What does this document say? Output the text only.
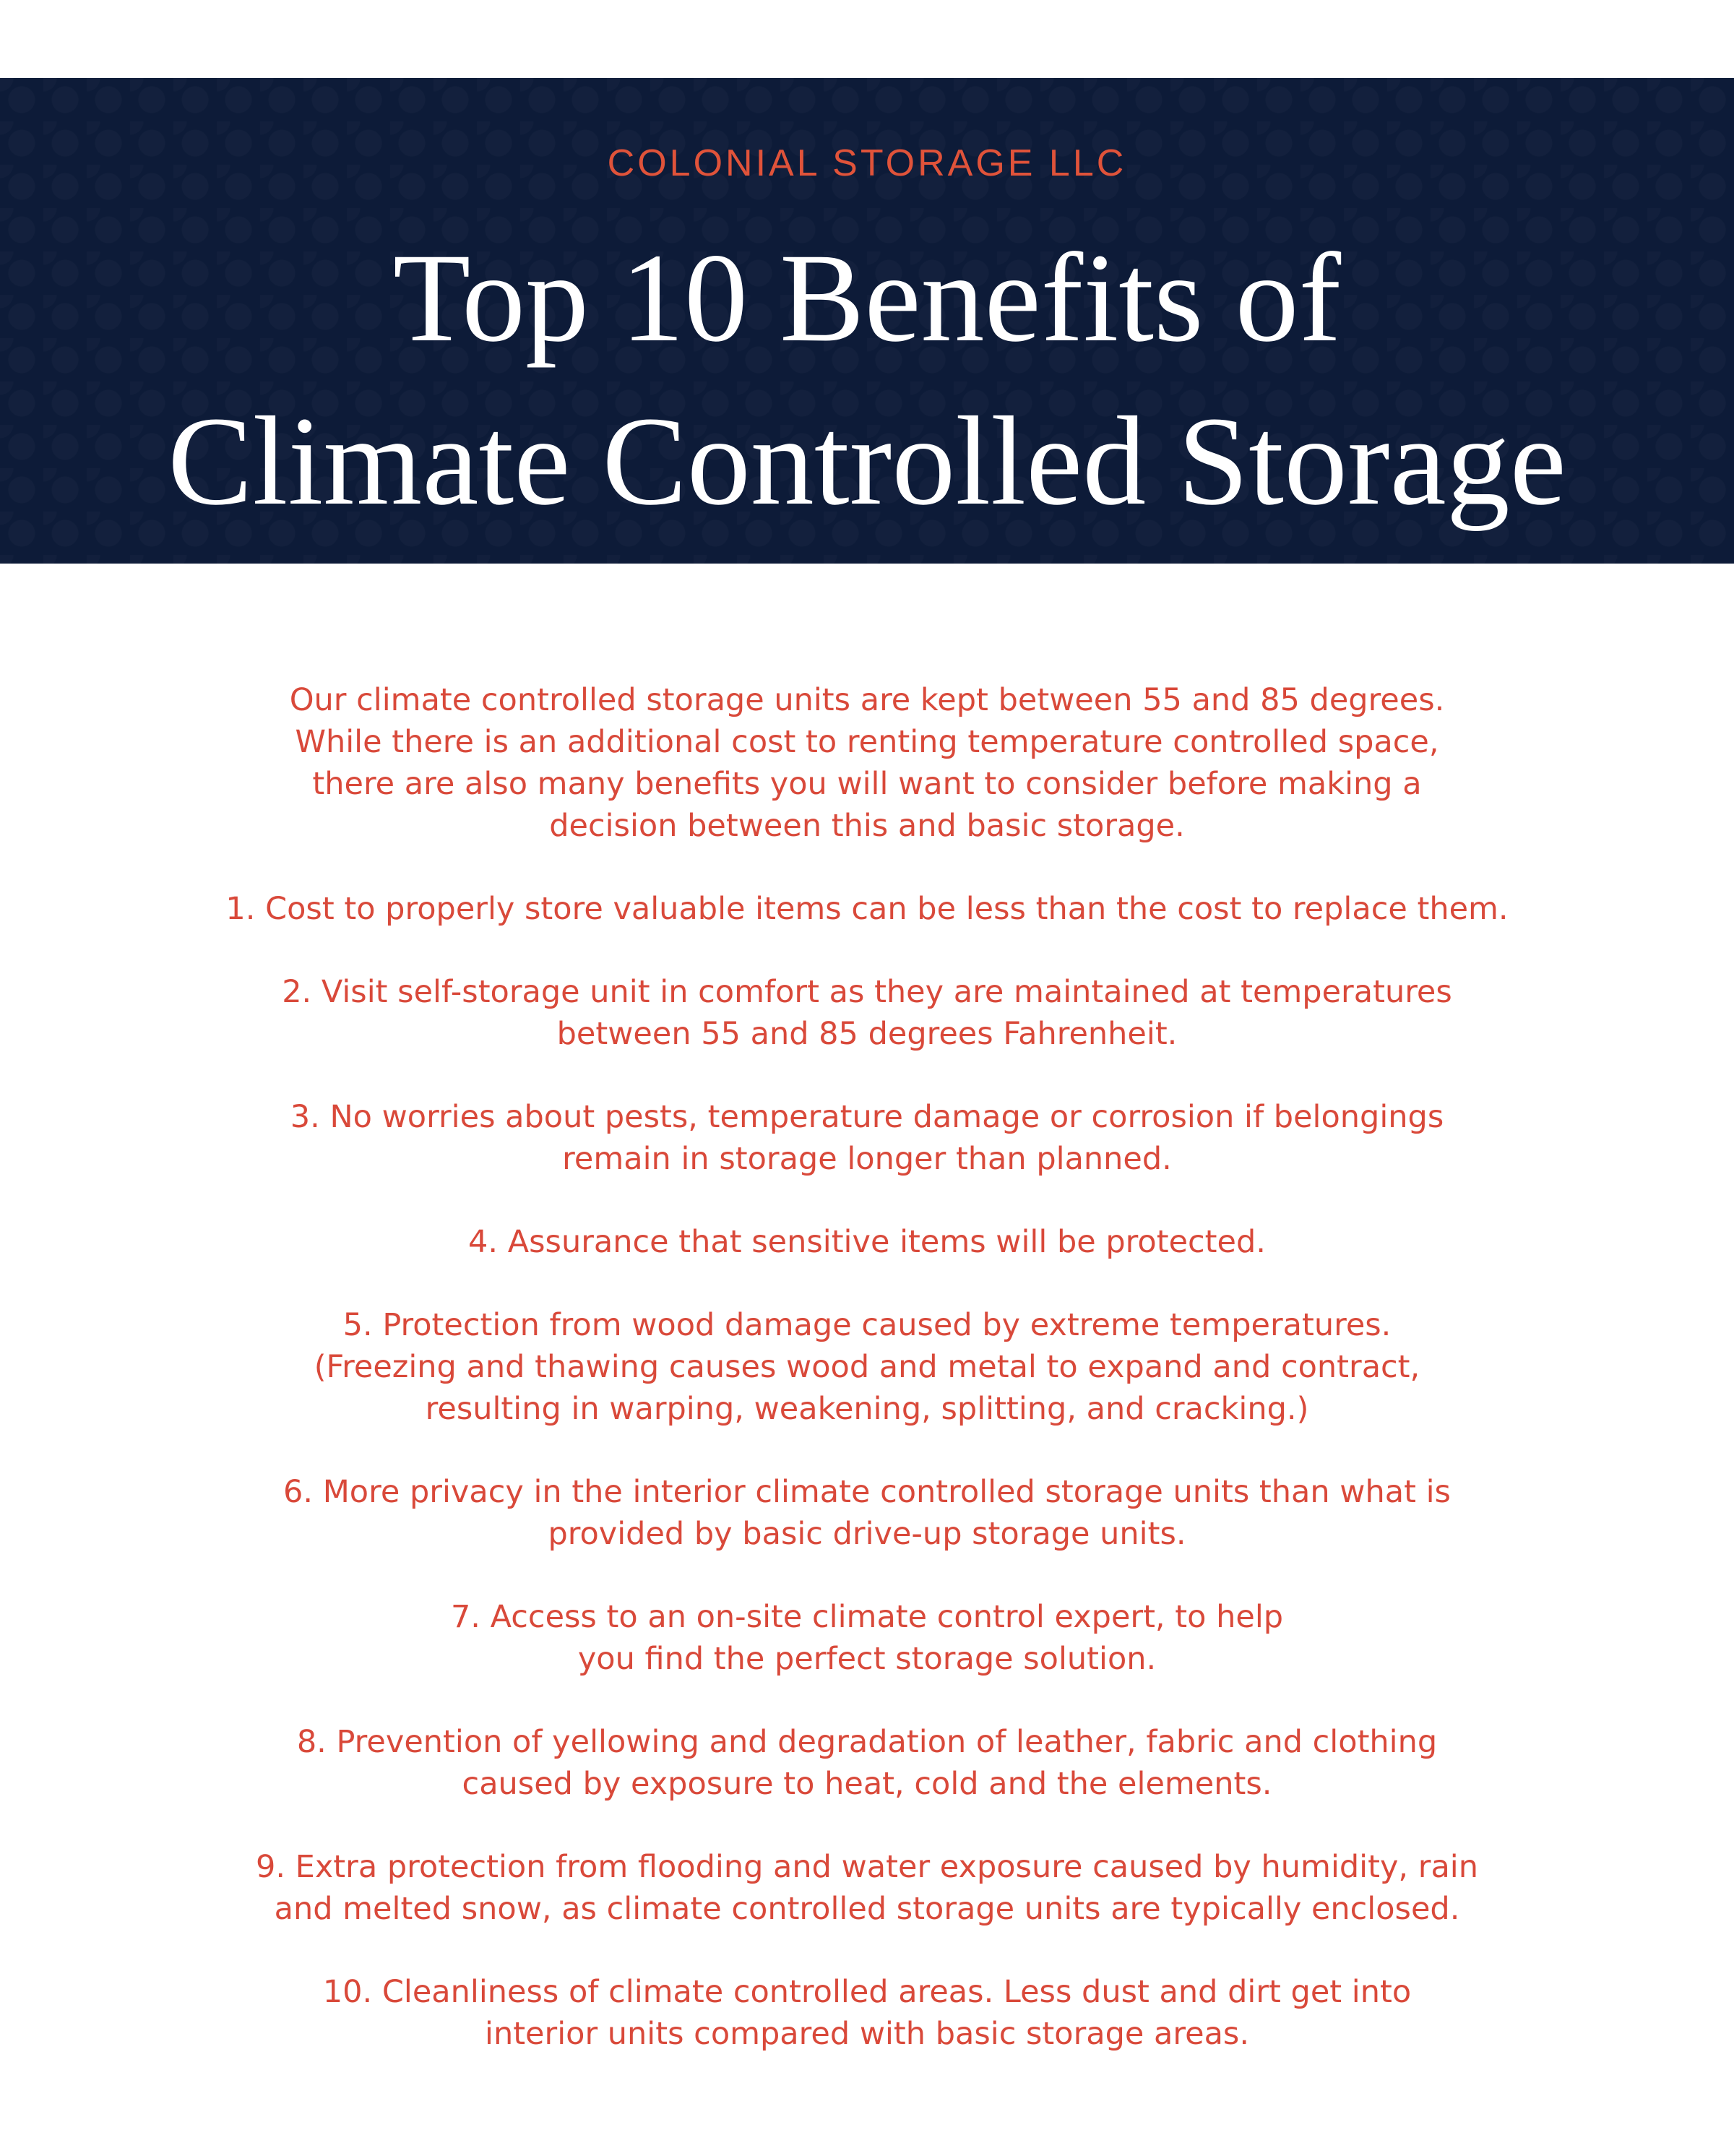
COLONIAL STORAGE LLC
Top 10 Benefits of
Climate Controlled Storage

Our climate controlled storage units are kept between 55 and 85 degrees.
While there is an additional cost to renting temperature controlled space,
there are also many benefits you will want to consider before making a
decision between this and basic storage.

1. Cost to properly store valuable items can be less than the cost to replace them.

2. Visit self-storage unit in comfort as they are maintained at temperatures
between 55 and 85 degrees Fahrenheit.

3. No worries about pests, temperature damage or corrosion if belongings
remain in storage longer than planned.

4. Assurance that sensitive items will be protected.

5. Protection from wood damage caused by extreme temperatures.
(Freezing and thawing causes wood and metal to expand and contract,
resulting in warping, weakening, splitting, and cracking.)

6. More privacy in the interior climate controlled storage units than what is
provided by basic drive-up storage units.

7. Access to an on-site climate control expert, to help
you find the perfect storage solution.

8. Prevention of yellowing and degradation of leather, fabric and clothing
caused by exposure to heat, cold and the elements.

9. Extra protection from flooding and water exposure caused by humidity, rain
and melted snow, as climate controlled storage units are typically enclosed.

10. Cleanliness of climate controlled areas. Less dust and dirt get into
interior units compared with basic storage areas.
